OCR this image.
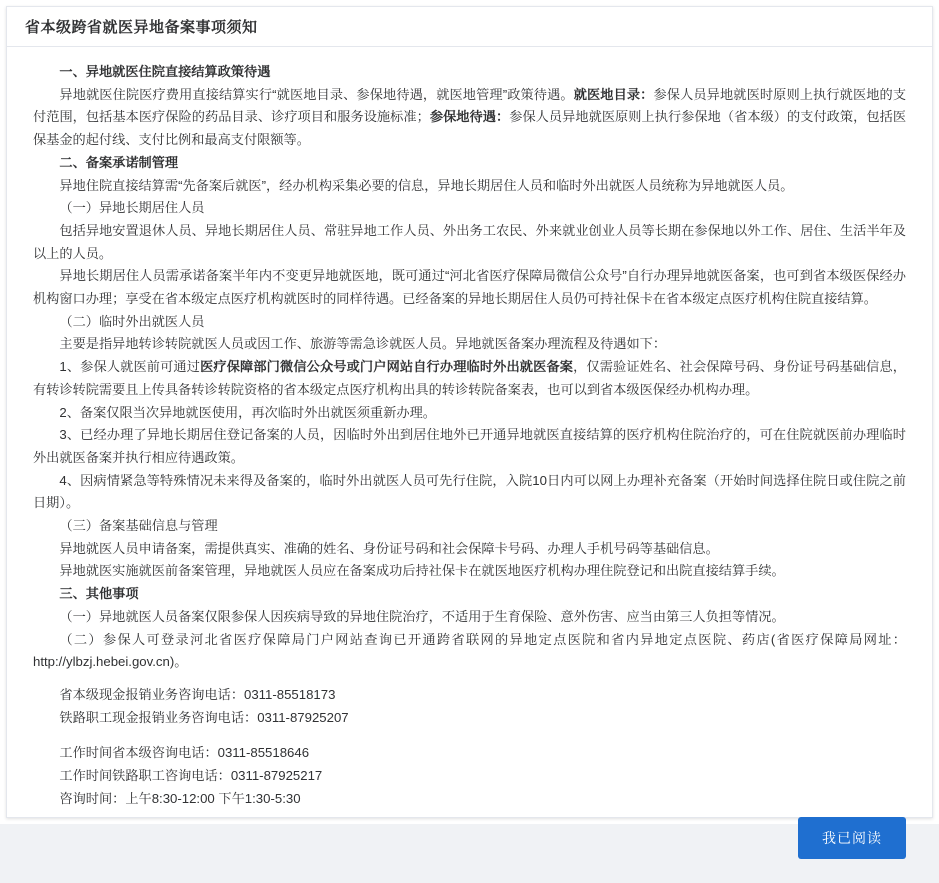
省本级跨省就医异地备案事项须知

一、异地就医住院直接结算政策待遇

异地就医住院医疗费用直接结算实行“就医地目录、参保地待遇，就医地管理”政策待遇。就医地目录：参保人员异地就医时原则上执行就医地的支付范围，包括基本医疗保险的药品目录、诊疗项目和服务设施标准；参保地待遇：参保人员异地就医原则上执行参保地（省本级）的支付政策，包括医保基金的起付线、支付比例和最高支付限额等。

二、备案承诺制管理

异地住院直接结算需“先备案后就医”，经办机构采集必要的信息，异地长期居住人员和临时外出就医人员统称为异地就医人员。

（一）异地长期居住人员

包括异地安置退休人员、异地长期居住人员、常驻异地工作人员、外出务工农民、外来就业创业人员等长期在参保地以外工作、居住、生活半年及以上的人员。

异地长期居住人员需承诺备案半年内不变更异地就医地，既可通过“河北省医疗保障局微信公众号”自行办理异地就医备案，也可到省本级医保经办机构窗口办理；享受在省本级定点医疗机构就医时的同样待遇。已经备案的异地长期居住人员仍可持社保卡在省本级定点医疗机构住院直接结算。

（二）临时外出就医人员

主要是指异地转诊转院就医人员或因工作、旅游等需急诊就医人员。异地就医备案办理流程及待遇如下：

1、参保人就医前可通过医疗保障部门微信公众号或门户网站自行办理临时外出就医备案，仅需验证姓名、社会保障号码、身份证号码基础信息，有转诊转院需要且上传具备转诊转院资格的省本级定点医疗机构出具的转诊转院备案表，也可以到省本级医保经办机构办理。

2、备案仅限当次异地就医使用，再次临时外出就医须重新办理。

3、已经办理了异地长期居住登记备案的人员，因临时外出到居住地外已开通异地就医直接结算的医疗机构住院治疗的，可在住院就医前办理临时外出就医备案并执行相应待遇政策。

4、因病情紧急等特殊情况未来得及备案的，临时外出就医人员可先行住院，入院10日内可以网上办理补充备案（开始时间选择住院日或住院之前日期）。

（三）备案基础信息与管理

异地就医人员申请备案，需提供真实、准确的姓名、身份证号码和社会保障卡号码、办理人手机号码等基础信息。

异地就医实施就医前备案管理，异地就医人员应在备案成功后持社保卡在就医地医疗机构办理住院登记和出院直接结算手续。

三、其他事项

（一）异地就医人员备案仅限参保人因疾病导致的异地住院治疗，不适用于生育保险、意外伤害、应当由第三人负担等情况。

（二）参保人可登录河北省医疗保障局门户网站查询已开通跨省联网的异地定点医院和省内异地定点医院、药店(省医疗保障局网址：http://ylbzj.hebei.gov.cn)。

省本级现金报销业务咨询电话：0311-85518173

铁路职工现金报销业务咨询电话：0311-87925207

工作时间省本级咨询电话：0311-85518646

工作时间铁路职工咨询电话：0311-87925217

咨询时间：上午8:30-12:00 下午1:30-5:30

我已阅读
